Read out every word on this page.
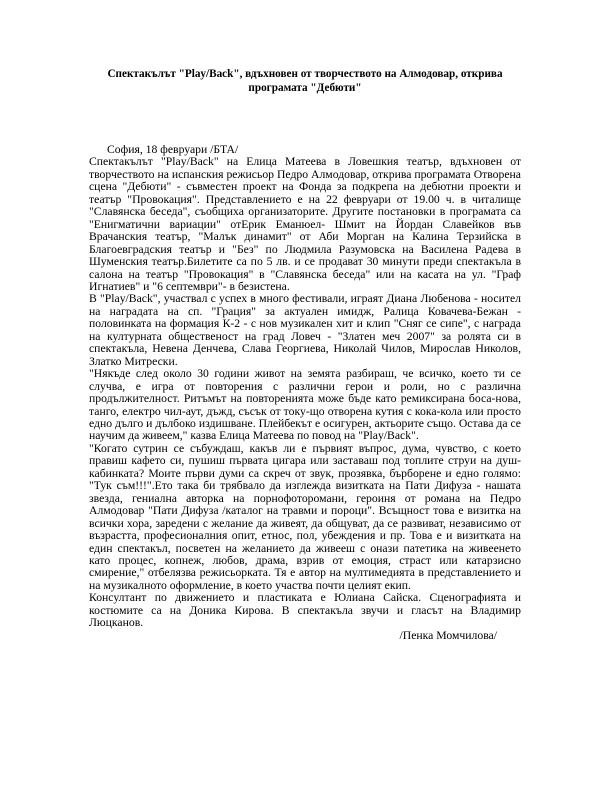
Спектакълът "Play/Back", вдъхновен от творчеството на Алмодовар, открива програмата "Дебюти"

София, 18 февруари /БТА/

Спектакълът "Play/Back" на Елица Матеева в Ловешкия театър, вдъхновен от творчеството на испанския режисьор Педро Алмодовар, открива програмата Отворена сцена "Дебюти" - съвместен проект на Фонда за подкрепа на дебютни проекти и театър "Провокация". Представлението е на 22 февруари от 19.00 ч. в читалище "Славянска беседа", съобщиха организаторите. Другите постановки в програмата са "Енигматични вариации" отЕрик Еманюел- Шмит на Йордан Славейков във Врачанския театър, "Малък динамит" от Аби Морган на Калина Терзийска в Благоевградския театър и "Без" по Людмила Разумовска на Василена Радева в Шуменския театър.Билетите са по 5 лв. и се продават 30 минути преди спектакъла в салона на театър "Провокация" в "Славянска беседа" или на касата на ул. "Граф Игнатиев" и "6 септември"- в безистена.

В "Play/Back", участвал с успех в много фестивали, играят Диана Любенова - носител на наградата на сп. "Грация" за актуален имидж, Ралица Ковачева-Бежан - половинката на формация К-2 - с нов музикален хит и клип "Сняг се сипе", с награда на културната общественост на град Ловеч - "Златен меч 2007" за ролята си в спектакъла, Невена Денчева, Слава Георгиева, Николай Чилов, Мирослав Николов, Златко Митрески.

"Някъде след около 30 години живот на земята разбираш, че всичко, което ти се случва, е игра от повторения с различни герои и роли, но с различна продължителност. Ритъмът на повторенията може бъде като ремиксирана боса-нова, танго, електро чил-аут, дъжд, съсък от току-що отворена кутия с кока-кола или просто едно дълго и дълбоко издишване. Плейбекът е осигурен, актьорите също. Остава да се научим да живеем," казва Елица Матеева по повод на "Play/Back".

"Когато сутрин се събуждаш, какъв ли е първият въпрос, дума, чувство, с което правиш кафето си, пушиш първата цигара или заставаш под топлите струи на душ-кабинката? Моите първи думи са скреч от звук, прозявка, бърборене и едно голямо: "Тук съм!!!".Ето така би трябвало да изглежда визитката на Пати Дифуза - нашата звезда, гениална авторка на порнофоторомани, героиня от романа на Педро Алмодовар "Пати Дифуза /каталог на травми и пороци". Всъщност това е визитка на всички хора, заредени с желание да живеят, да общуват, да се развиват, независимо от възрастта, професионалния опит, етнос, пол, убеждения и пр. Това е и визитката на един спектакъл, посветен на желанието да живееш с онази патетика на живеенето като процес, копнеж, любов, драма, взрив от емоция, страст или катарзисно смирение," отбелязва режисьорката. Тя е автор на мултимедията в представлението и на музикалното оформление, в което участва почти целият екип.

Консултант по движението и пластиката е Юлиана Сайска. Сценографията и костюмите са на Доника Кирова. В спектакъла звучи и гласът на Владимир Люцканов.

/Пенка Момчилова/
